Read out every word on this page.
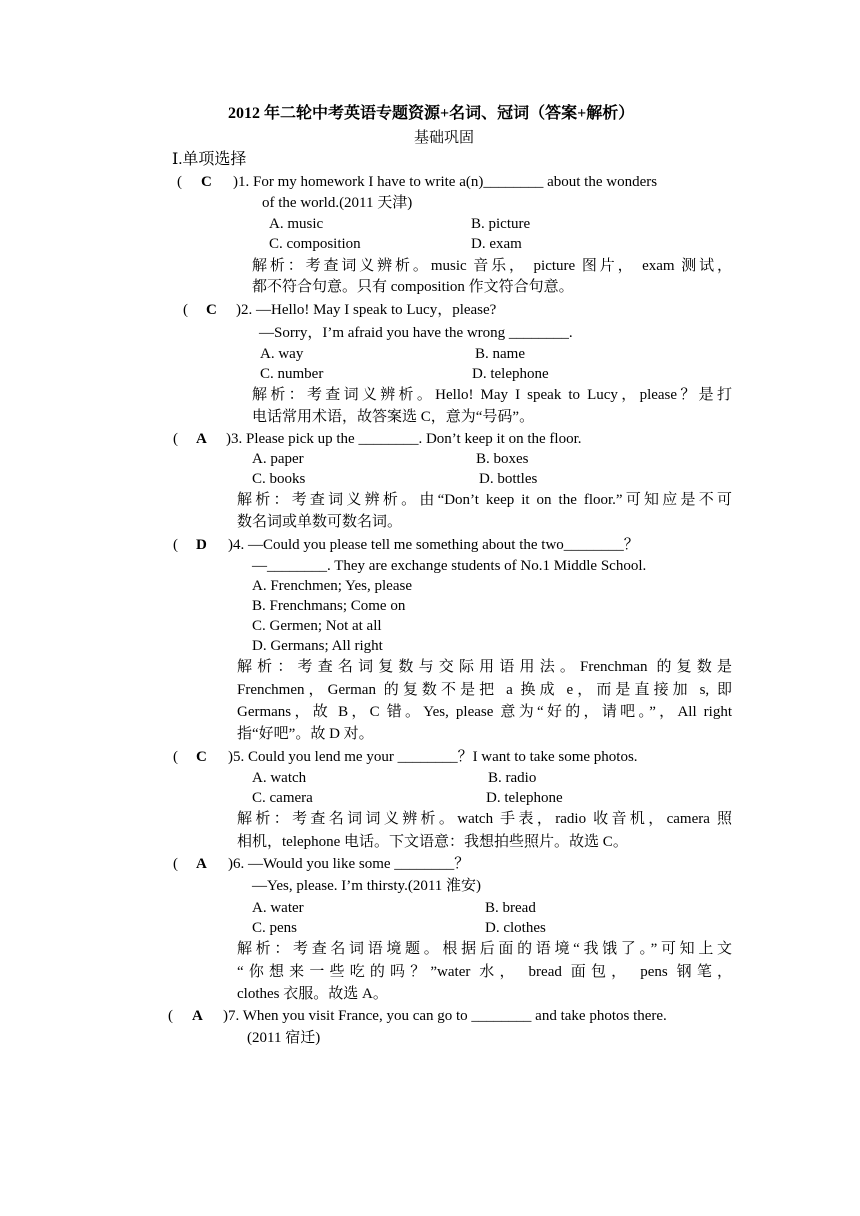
2012 年二轮中考英语专题资源+名词、冠词（答案+解析）
基础巩固
Ⅰ.单项选择
( C )1. For my homework I have to write a(n)________ about the wonders
of the world.(2011 天津)
A. music	B. picture
C. composition	D. exam
解析：考查词义辨析。music 音乐， picture 图片， exam 测试，
都不符合句意。只有 composition 作文符合句意。
( C )2. —Hello! May I speak to Lucy，please?
—Sorry，I’m afraid you have the wrong ________.
A. way	B. name
C. number	D. telephone
解析：考查词义辨析。Hello! May I speak to Lucy，please？是打
电话常用术语，故答案选 C，意为“号码”。
( A )3. Please pick up the ________. Don’t keep it on the floor.
A. paper	B. boxes
C. books	D. bottles
解析：考查词义辨析。由“Don’t keep it on the floor.”可知应是不可
数名词或单数可数名词。
( D )4. —Could you please tell me something about the two________？
—________. They are exchange students of No.1 Middle School.
A. Frenchmen; Yes, please
B. Frenchmans; Come on
C. Germen; Not at all
D. Germans; All right
解析：考查名词复数与交际用语用法。Frenchman 的复数是
Frenchmen，German 的复数不是把 a 换成 e，而是直接加 s, 即
Germans，故 B，C 错。Yes, please 意为“好的，请吧。”，All right
指“好吧”。故 D 对。
( C )5. Could you lend me your ________？I want to take some photos.
A. watch	B. radio
C. camera	D. telephone
解析：考查名词词义辨析。watch 手表，radio 收音机，camera 照
相机，telephone 电话。下文语意：我想拍些照片。故选 C。
( A )6. —Would you like some ________？
—Yes, please. I’m thirsty.(2011 淮安)
A. water	B. bread
C. pens	D. clothes
解析：考查名词语境题。根据后面的语境“我饿了。”可知上文
“你想来一些吃的吗？”water 水， bread 面包， pens 钢笔，
clothes 衣服。故选 A。
( A )7. When you visit France, you can go to ________ and take photos there.
(2011 宿迁)
